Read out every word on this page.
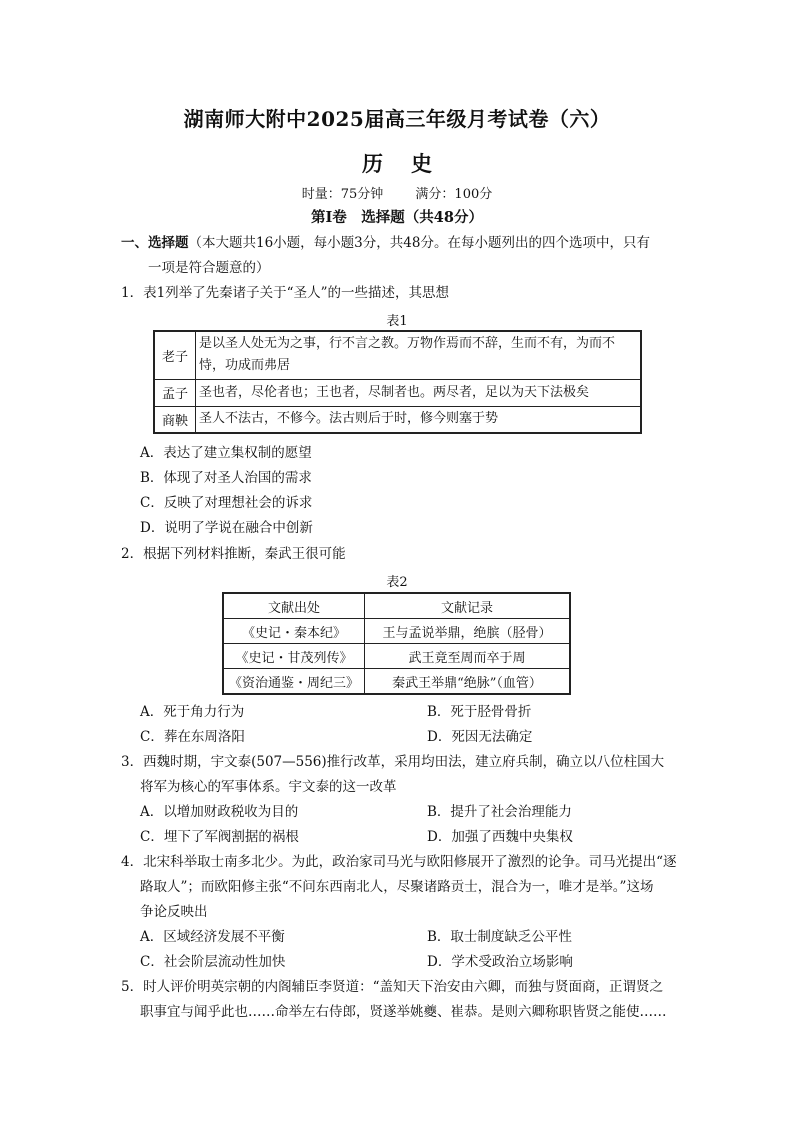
湖南师大附中2025届高三年级月考试卷（六）
历 史
时量：75分钟 满分：100分
第Ⅰ卷　选择题（共48分）
一、选择题（本大题共16小题，每小题3分，共48分。在每小题列出的四个选项中，只有
一项是符合题意的）
1．表1列举了先秦诸子关于“圣人”的一些描述，其思想
表1
老子	是以圣人处无为之事，行不言之教。万物作焉而不辞，生而不有，为而不恃，功成而弗居
孟子	圣也者，尽伦者也；王也者，尽制者也。两尽者，足以为天下法极矣
商鞅	圣人不法古，不修今。法古则后于时，修今则塞于势
A．表达了建立集权制的愿望
B．体现了对圣人治国的需求
C．反映了对理想社会的诉求
D．说明了学说在融合中创新
2．根据下列材料推断，秦武王很可能
表2
文献出处	文献记录
《史记・秦本纪》	王与孟说举鼎，绝膑（胫骨）
《史记・甘茂列传》	武王竟至周而卒于周
《资治通鉴・周纪三》	秦武王举鼎“绝脉”（血管）
A．死于角力行为	B．死于胫骨骨折
C．葬在东周洛阳	D．死因无法确定
3．西魏时期，宇文泰(507—556)推行改革，采用均田法，建立府兵制，确立以八位柱国大
将军为核心的军事体系。宇文泰的这一改革
A．以增加财政税收为目的	B．提升了社会治理能力
C．埋下了军阀割据的祸根	D．加强了西魏中央集权
4．北宋科举取士南多北少。为此，政治家司马光与欧阳修展开了激烈的论争。司马光提出“逐
路取人”；而欧阳修主张“不问东西南北人，尽聚诸路贡士，混合为一，唯才是举。”这场
争论反映出
A．区域经济发展不平衡	B．取士制度缺乏公平性
C．社会阶层流动性加快	D．学术受政治立场影响
5．时人评价明英宗朝的内阁辅臣李贤道：“盖知天下治安由六卿，而独与贤面商，正谓贤之
职事宜与闻乎此也……命举左右侍郎，贤遂举姚夔、崔恭。是则六卿称职皆贤之能使……
